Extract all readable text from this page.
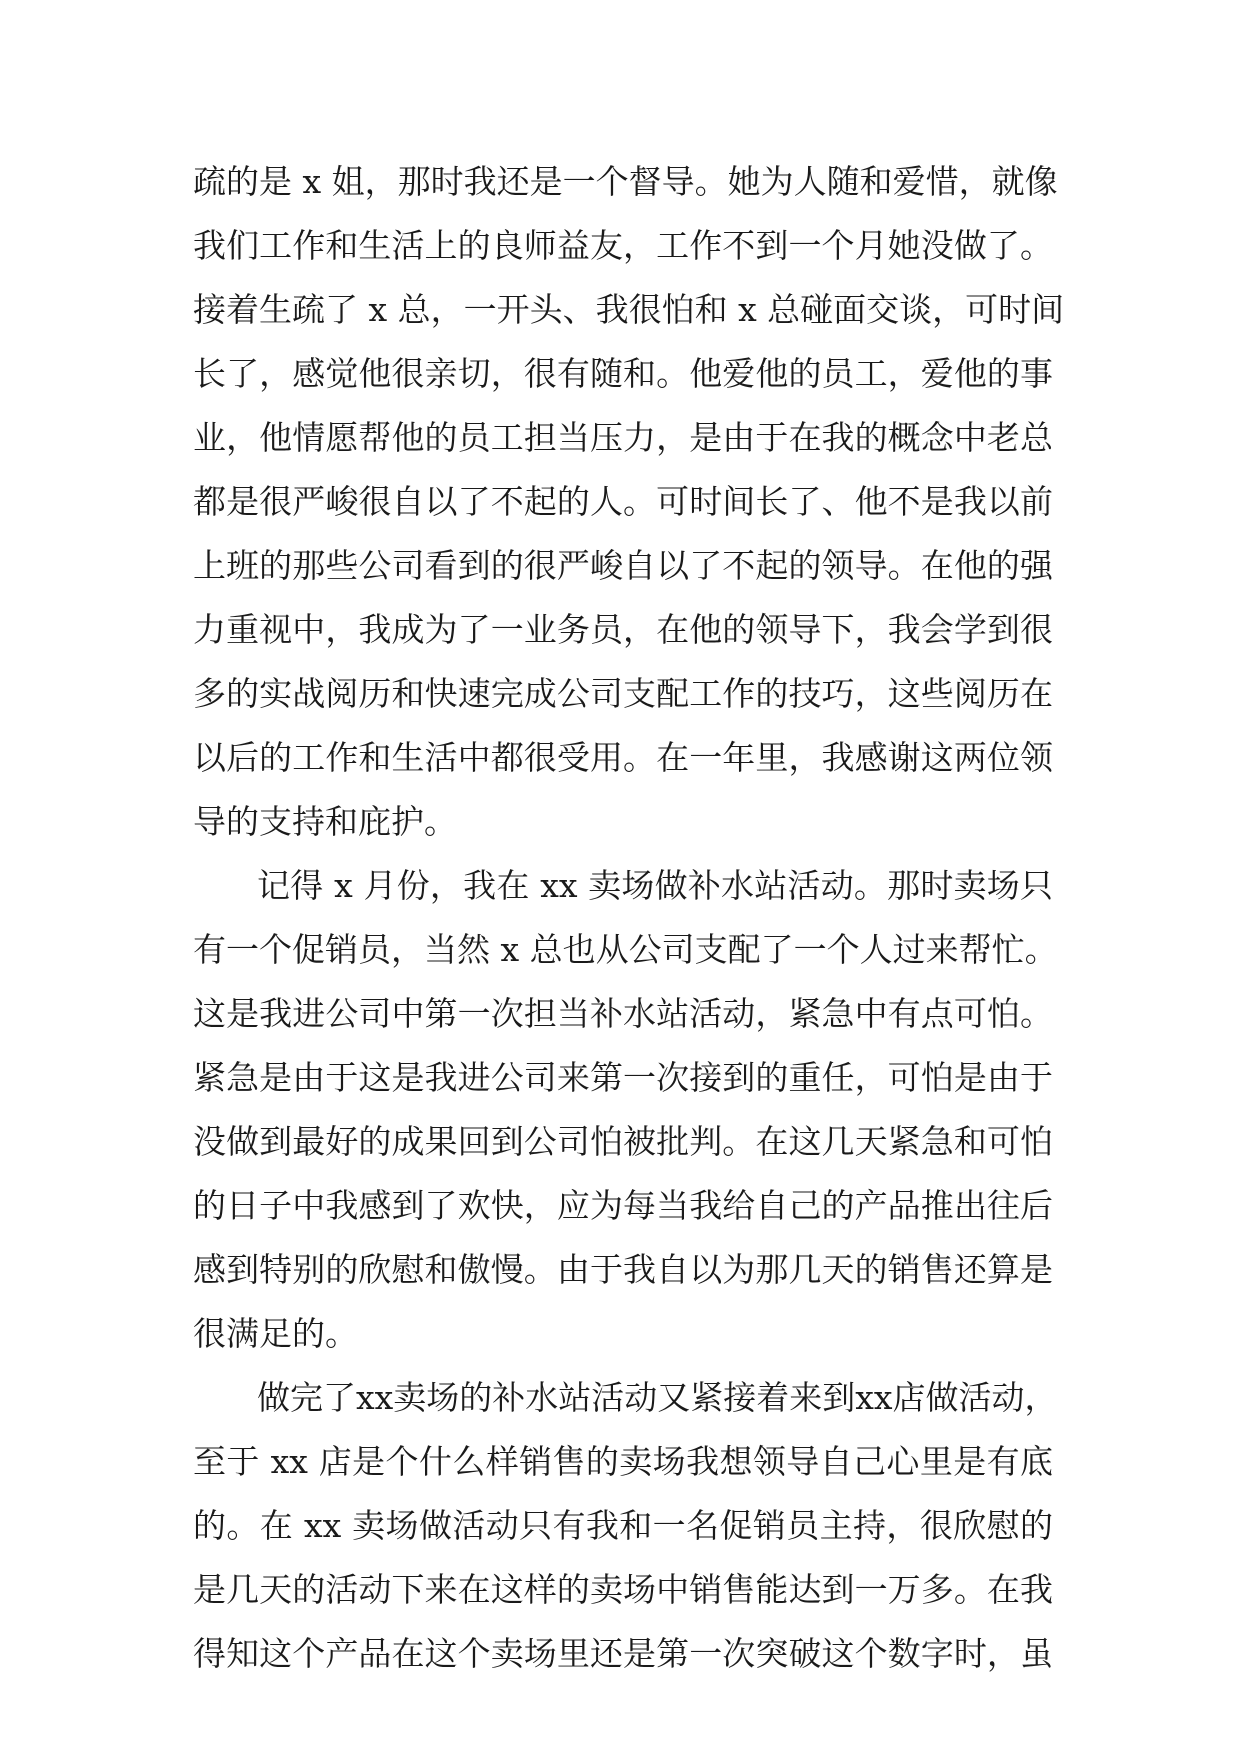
疏的是 x 姐，那时我还是一个督导。她为人随和爱惜，就像
我们工作和生活上的良师益友，工作不到一个月她没做了。
接着生疏了 x 总，一开头、我很怕和 x 总碰面交谈，可时间
长了，感觉他很亲切，很有随和。他爱他的员工，爱他的事
业，他情愿帮他的员工担当压力，是由于在我的概念中老总
都是很严峻很自以了不起的人。可时间长了、他不是我以前
上班的那些公司看到的很严峻自以了不起的领导。在他的强
力重视中，我成为了一业务员，在他的领导下，我会学到很
多的实战阅历和快速完成公司支配工作的技巧，这些阅历在
以后的工作和生活中都很受用。在一年里，我感谢这两位领
导的支持和庇护。
记得 x 月份，我在 xx 卖场做补水站活动。那时卖场只
有一个促销员，当然 x 总也从公司支配了一个人过来帮忙。
这是我进公司中第一次担当补水站活动，紧急中有点可怕。
紧急是由于这是我进公司来第一次接到的重任，可怕是由于
没做到最好的成果回到公司怕被批判。在这几天紧急和可怕
的日子中我感到了欢快，应为每当我给自己的产品推出往后
感到特别的欣慰和傲慢。由于我自以为那几天的销售还算是
很满足的。
做完了xx卖场的补水站活动又紧接着来到xx店做活动，
至于 xx 店是个什么样销售的卖场我想领导自己心里是有底
的。在 xx 卖场做活动只有我和一名促销员主持，很欣慰的
是几天的活动下来在这样的卖场中销售能达到一万多。在我
得知这个产品在这个卖场里还是第一次突破这个数字时，虽
